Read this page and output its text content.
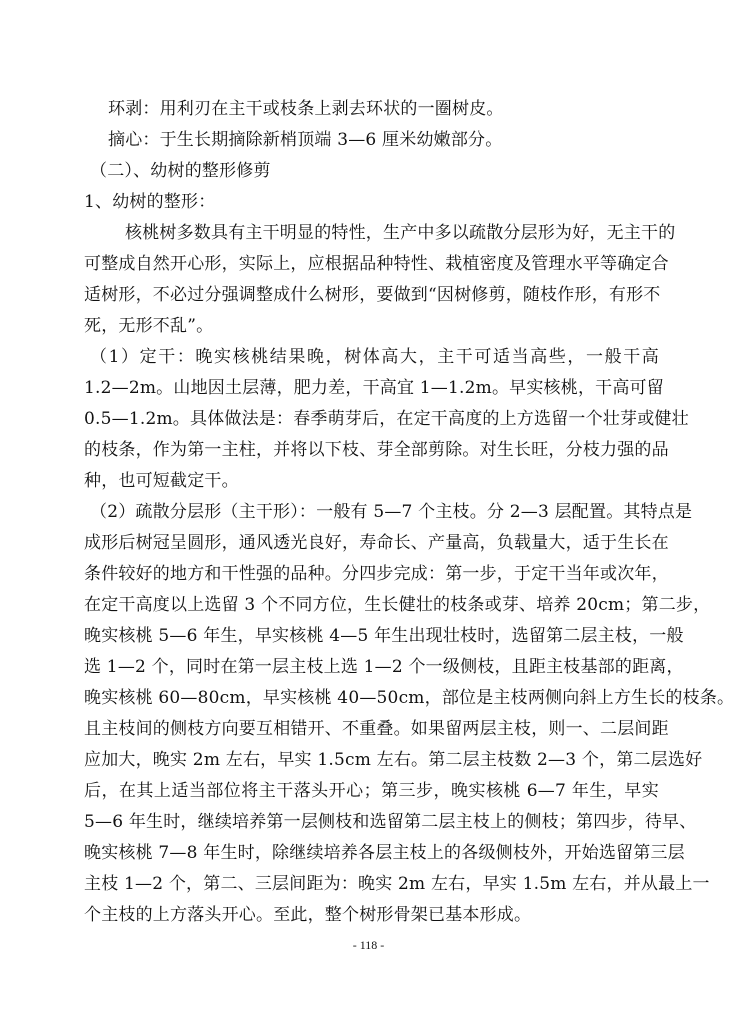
环剥：用利刃在主干或枝条上剥去环状的一圈树皮。
摘心：于生长期摘除新梢顶端 3—6 厘米幼嫩部分。
（二）、幼树的整形修剪
1、幼树的整形：
核桃树多数具有主干明显的特性，生产中多以疏散分层形为好，无主干的
可整成自然开心形，实际上，应根据品种特性、栽植密度及管理水平等确定合
适树形，不必过分强调整成什么树形，要做到“因树修剪，随枝作形，有形不
死，无形不乱”。
（1）定干：晚实核桃结果晚，树体高大，主干可适当高些，一般干高
1.2—2m。山地因土层薄，肥力差，干高宜 1—1.2m。早实核桃，干高可留
0.5—1.2m。具体做法是：春季萌芽后，在定干高度的上方选留一个壮芽或健壮
的枝条，作为第一主柱，并将以下枝、芽全部剪除。对生长旺，分枝力强的品
种，也可短截定干。
（2）疏散分层形（主干形）：一般有 5—7 个主枝。分 2—3 层配置。其特点是
成形后树冠呈圆形，通风透光良好，寿命长、产量高，负载量大，适于生长在
条件较好的地方和干性强的品种。分四步完成：第一步，于定干当年或次年，
在定干高度以上选留 3 个不同方位，生长健壮的枝条或芽、培养 20cm；第二步，
晚实核桃 5—6 年生，早实核桃 4—5 年生出现壮枝时，选留第二层主枝，一般
选 1—2 个，同时在第一层主枝上选 1—2 个一级侧枝，且距主枝基部的距离，
晚实核桃 60—80cm，早实核桃 40—50cm，部位是主枝两侧向斜上方生长的枝条。
且主枝间的侧枝方向要互相错开、不重叠。如果留两层主枝，则一、二层间距
应加大，晚实 2m 左右，早实 1.5cm 左右。第二层主枝数 2—3 个，第二层选好
后，在其上适当部位将主干落头开心；第三步，晚实核桃 6—7 年生，早实
5—6 年生时，继续培养第一层侧枝和选留第二层主枝上的侧枝；第四步，待早、
晚实核桃 7—8 年生时，除继续培养各层主枝上的各级侧枝外，开始选留第三层
主枝 1—2 个，第二、三层间距为：晚实 2m 左右，早实 1.5m 左右，并从最上一
个主枝的上方落头开心。至此，整个树形骨架已基本形成。
- 118 -
